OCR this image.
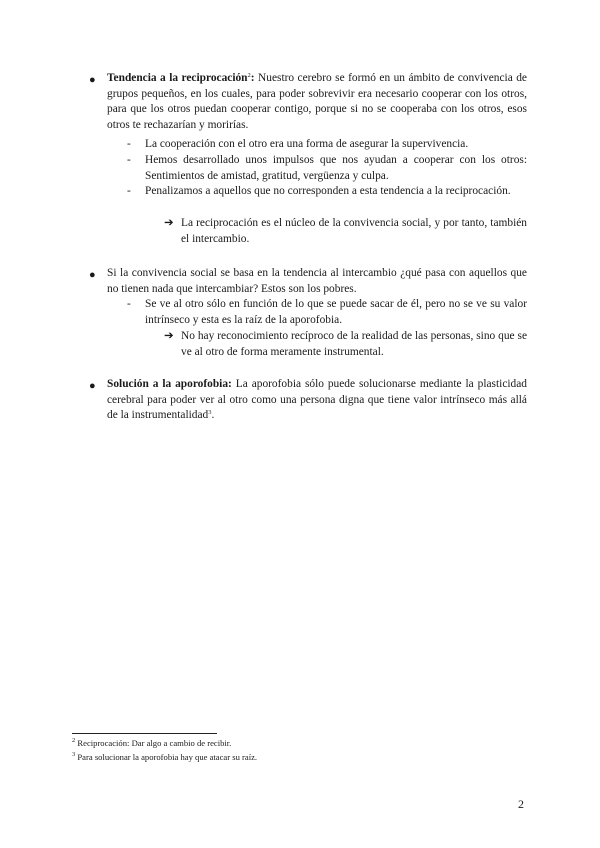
● Tendencia a la reciprocación$^2$: Nuestro cerebro se formó en un ámbito de convivencia de grupos pequeños, en los cuales, para poder sobrevivir era necesario cooperar con los otros, para que los otros puedan cooperar contigo, porque si no se cooperaba con los otros, esos otros te rechazarían y morirías.
- La cooperación con el otro era una forma de asegurar la supervivencia.
- Hemos desarrollado unos impulsos que nos ayudan a cooperar con los otros: Sentimientos de amistad, gratitud, vergüenza y culpa.
- Penalizamos a aquellos que no corresponden a esta tendencia a la reciprocación.
➔ La reciprocación es el núcleo de la convivencia social, y por tanto, también el intercambio.
● Si la convivencia social se basa en la tendencia al intercambio ¿qué pasa con aquellos que no tienen nada que intercambiar? Estos son los pobres.
- Se ve al otro sólo en función de lo que se puede sacar de él, pero no se ve su valor intrínseco y esta es la raíz de la aporofobia.
➔ No hay reconocimiento recíproco de la realidad de las personas, sino que se ve al otro de forma meramente instrumental.
● Solución a la aporofobia: La aporofobia sólo puede solucionarse mediante la plasticidad cerebral para poder ver al otro como una persona digna que tiene valor intrínseco más allá de la instrumentalidad$^3$.
$^2$ Reciprocación: Dar algo a cambio de recibir.
$^3$ Para solucionar la aporofobia hay que atacar su raíz.
2
